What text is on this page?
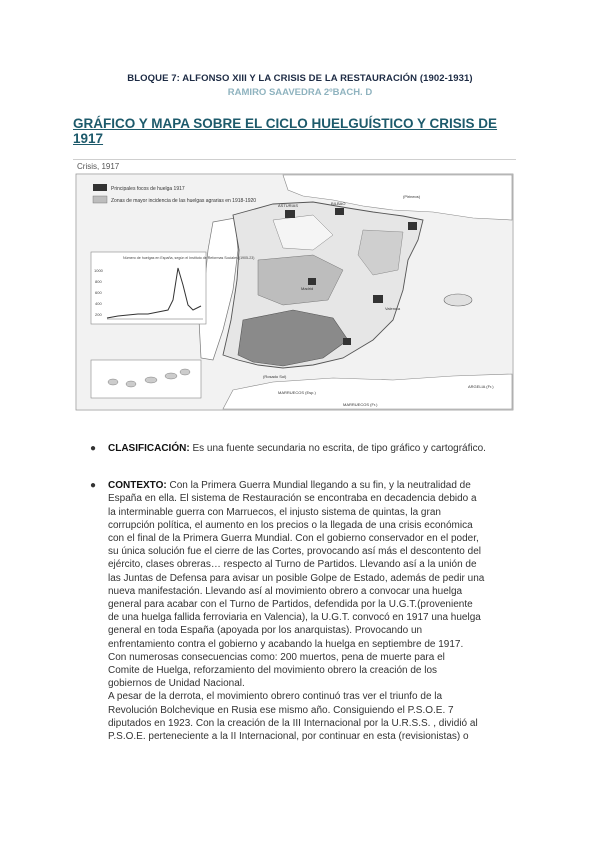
BLOQUE 7: ALFONSO XIII Y LA CRISIS DE LA RESTAURACIÓN (1902-1931)
RAMIRO SAAVEDRA 2ºBACH. D
GRÁFICO Y MAPA SOBRE EL CICLO HUELGUÍSTICO Y CRISIS DE 1917
Crisis, 1917
Principales focos de huelga 1917
Zonas de mayor incidencia de las huelgas agrarias en 1918-1920
Número de huelgas en España, según el Instituto de Reformas Sociales (1905-23)
1000
800
600
400
200
ASTURIAS	BILBAO
Madrid
Valencia
ARGELIA (Fr.)
MARRUECOS (Esp.)
MARRUECOS (Fr.)
(Pirineos)
(Rosado Sol)
● CLASIFICACIÓN: Es una fuente secundaria no escrita, de tipo gráfico y cartográfico.
● CONTEXTO: Con la Primera Guerra Mundial llegando a su fin, y la neutralidad de
España en ella. El sistema de Restauración se encontraba en decadencia debido a
la interminable guerra con Marruecos, el injusto sistema de quintas, la gran
corrupción política, el aumento en los precios o la llegada de una crisis económica
con el final de la Primera Guerra Mundial. Con el gobierno conservador en el poder,
su única solución fue el cierre de las Cortes, provocando así más el descontento del
ejército, clases obreras… respecto al Turno de Partidos. Llevando así a la unión de
las Juntas de Defensa para avisar un posible Golpe de Estado, además de pedir una
nueva manifestación. Llevando así al movimiento obrero a convocar una huelga
general para acabar con el Turno de Partidos, defendida por la U.G.T.(proveniente
de una huelga fallida ferroviaria en Valencia), la U.G.T. convocó en 1917 una huelga
general en toda España (apoyada por los anarquistas). Provocando un
enfrentamiento contra el gobierno y acabando la huelga en septiembre de 1917.
Con numerosas consecuencias como: 200 muertos, pena de muerte para el
Comite de Huelga, reforzamiento del movimiento obrero la creación de los
gobiernos de Unidad Nacional.
A pesar de la derrota, el movimiento obrero continuó tras ver el triunfo de la
Revolución Bolchevique en Rusia ese mismo año. Consiguiendo el P.S.O.E. 7
diputados en 1923. Con la creación de la III Internacional por la U.R.S.S. , dividió al
P.S.O.E. perteneciente a la II Internacional, por continuar en esta (revisionistas) o
